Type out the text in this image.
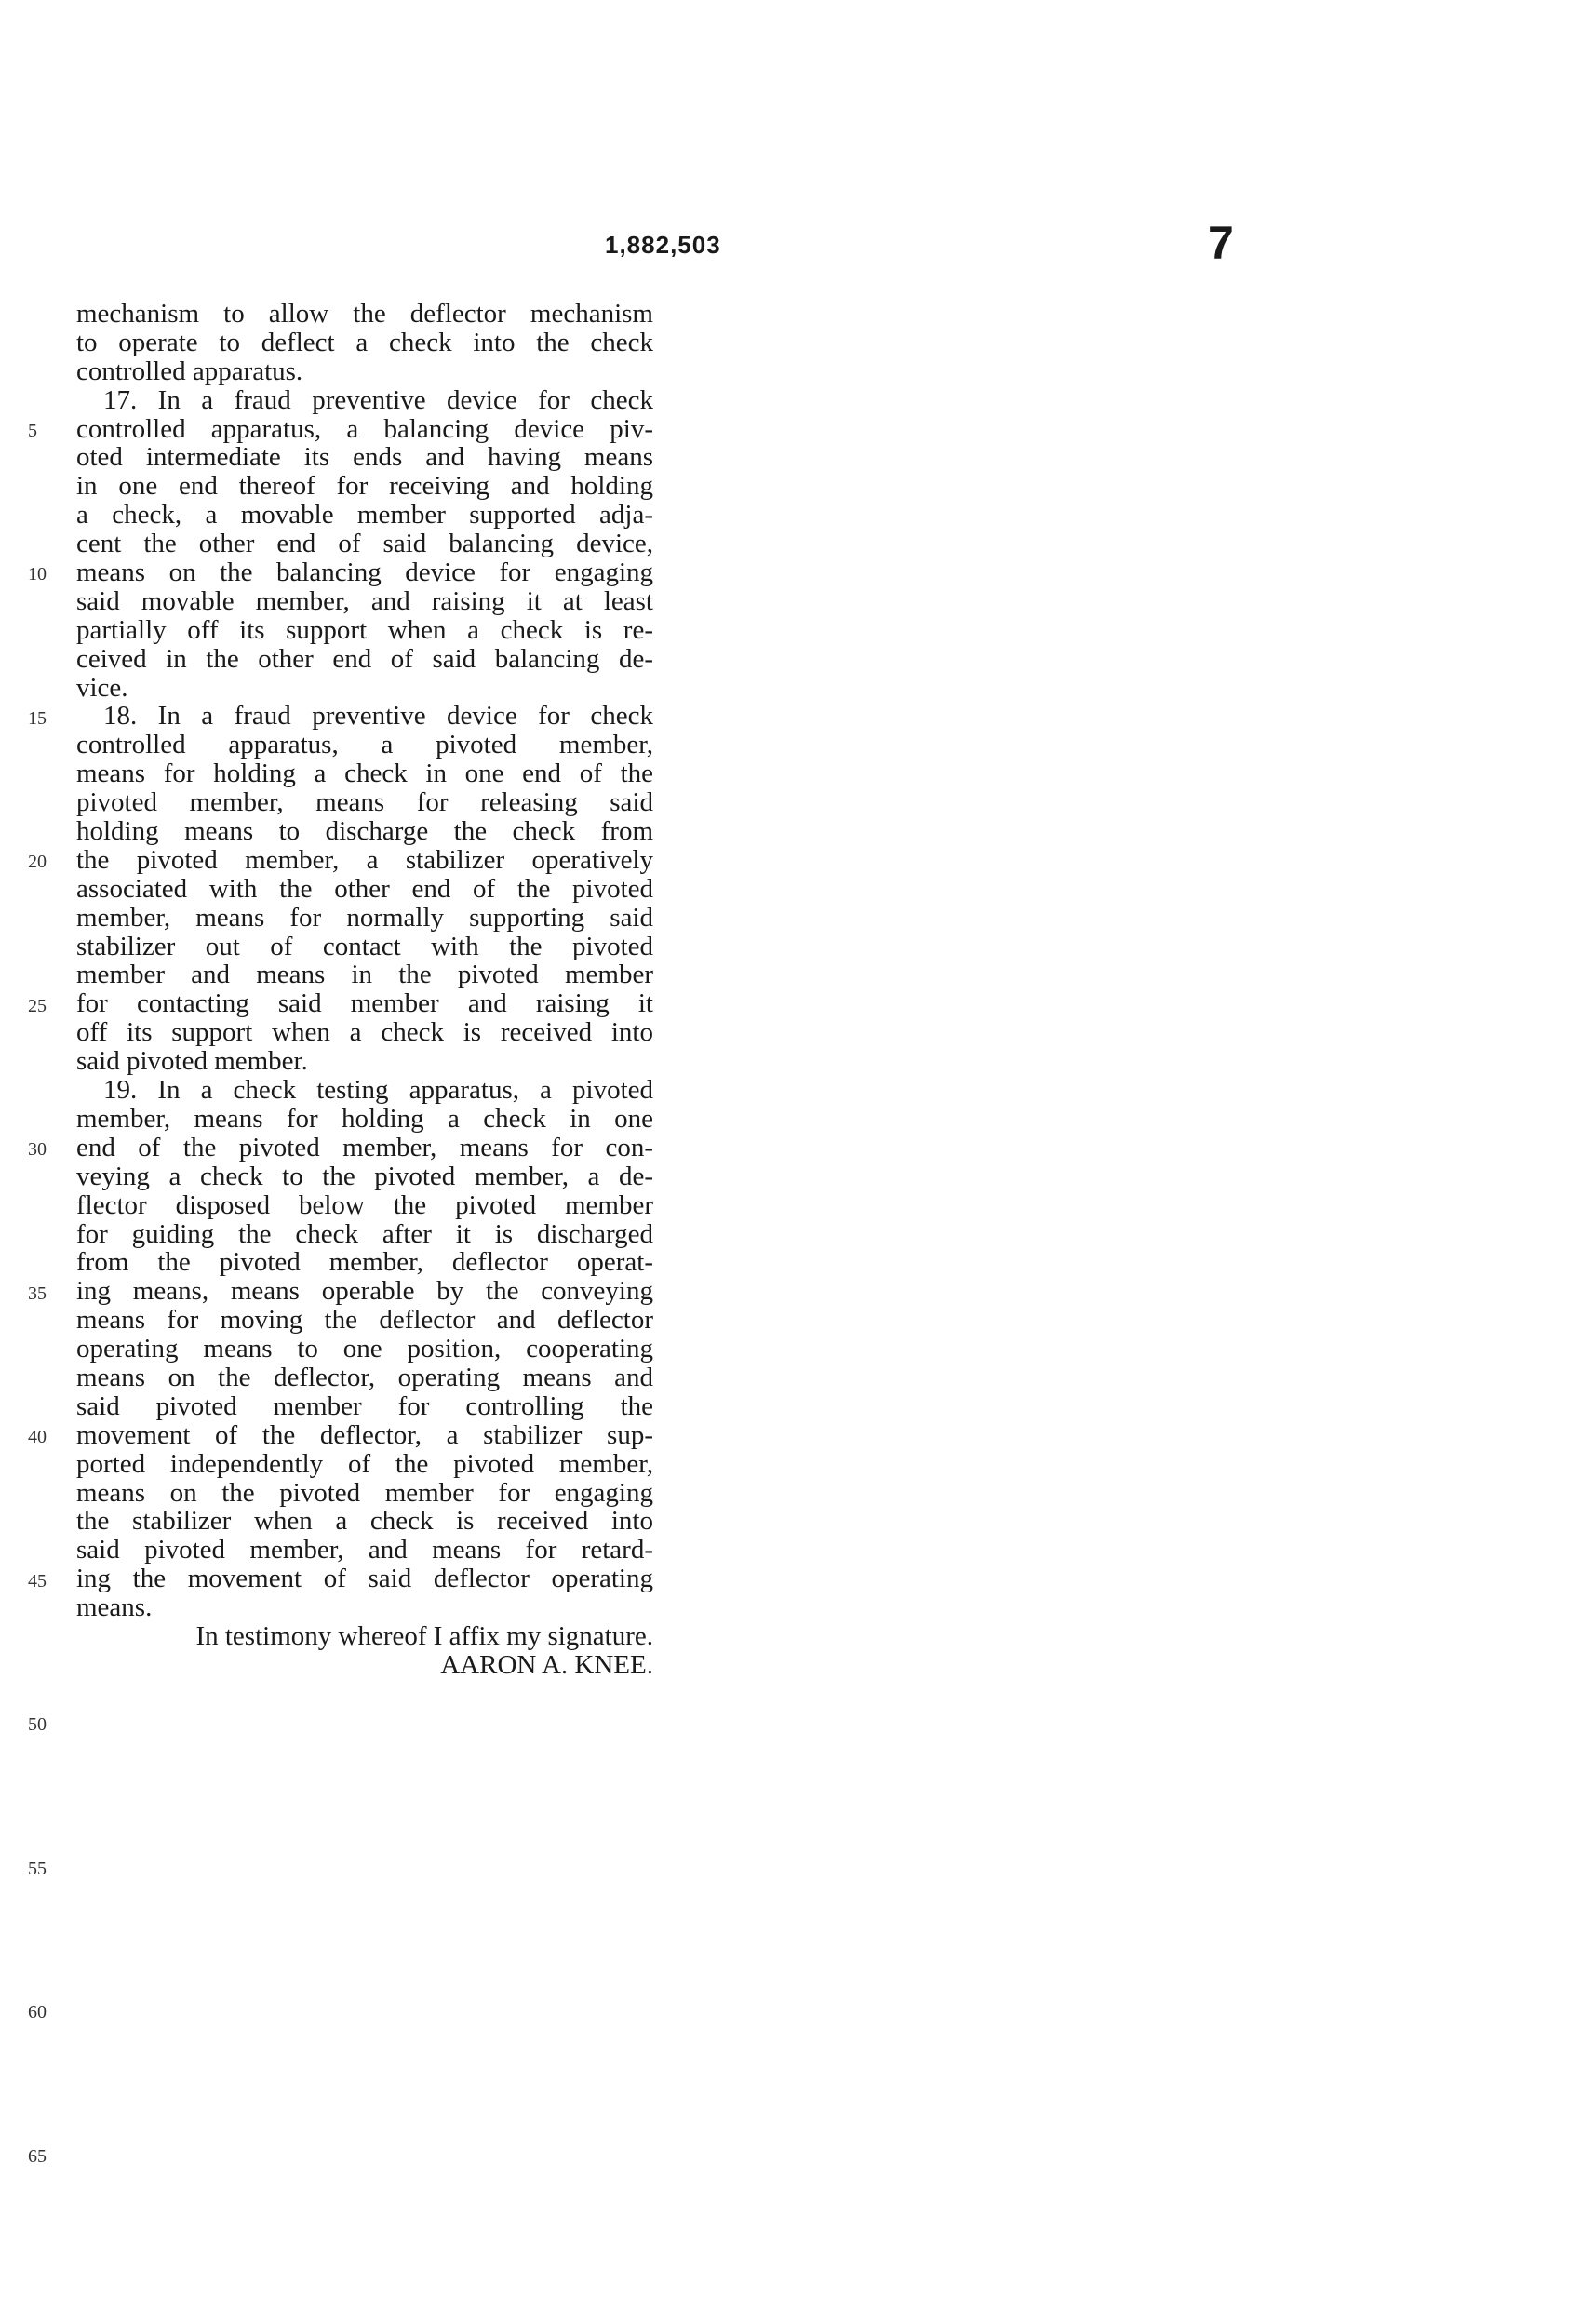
1,882,503	7
mechanism to allow the deflector mechanism
to operate to deflect a check into the check
controlled apparatus.
 17. In a fraud preventive device for check
controlled apparatus, a balancing device piv-
oted intermediate its ends and having means
in one end thereof for receiving and holding
a check, a movable member supported adja-
cent the other end of said balancing device,
means on the balancing device for engaging
said movable member, and raising it at least
partially off its support when a check is re-
ceived in the other end of said balancing de-
vice.
 18. In a fraud preventive device for check
controlled apparatus, a pivoted member,
means for holding a check in one end of the
pivoted member, means for releasing said
holding means to discharge the check from
the pivoted member, a stabilizer operatively
associated with the other end of the pivoted
member, means for normally supporting said
stabilizer out of contact with the pivoted
member and means in the pivoted member
for contacting said member and raising it
off its support when a check is received into
said pivoted member.
 19. In a check testing apparatus, a pivoted
member, means for holding a check in one
end of the pivoted member, means for con-
veying a check to the pivoted member, a de-
flector disposed below the pivoted member
for guiding the check after it is discharged
from the pivoted member, deflector operat-
ing means, means operable by the conveying
means for moving the deflector and deflector
operating means to one position, cooperating
means on the deflector, operating means and
said pivoted member for controlling the
movement of the deflector, a stabilizer sup-
ported independently of the pivoted member,
means on the pivoted member for engaging
the stabilizer when a check is received into
said pivoted member, and means for retard-
ing the movement of said deflector operating
means.
In testimony whereof I affix my signature.
AARON A. KNEE.
5
10
15
20
25
30
35
40
45
50
55
60
65
